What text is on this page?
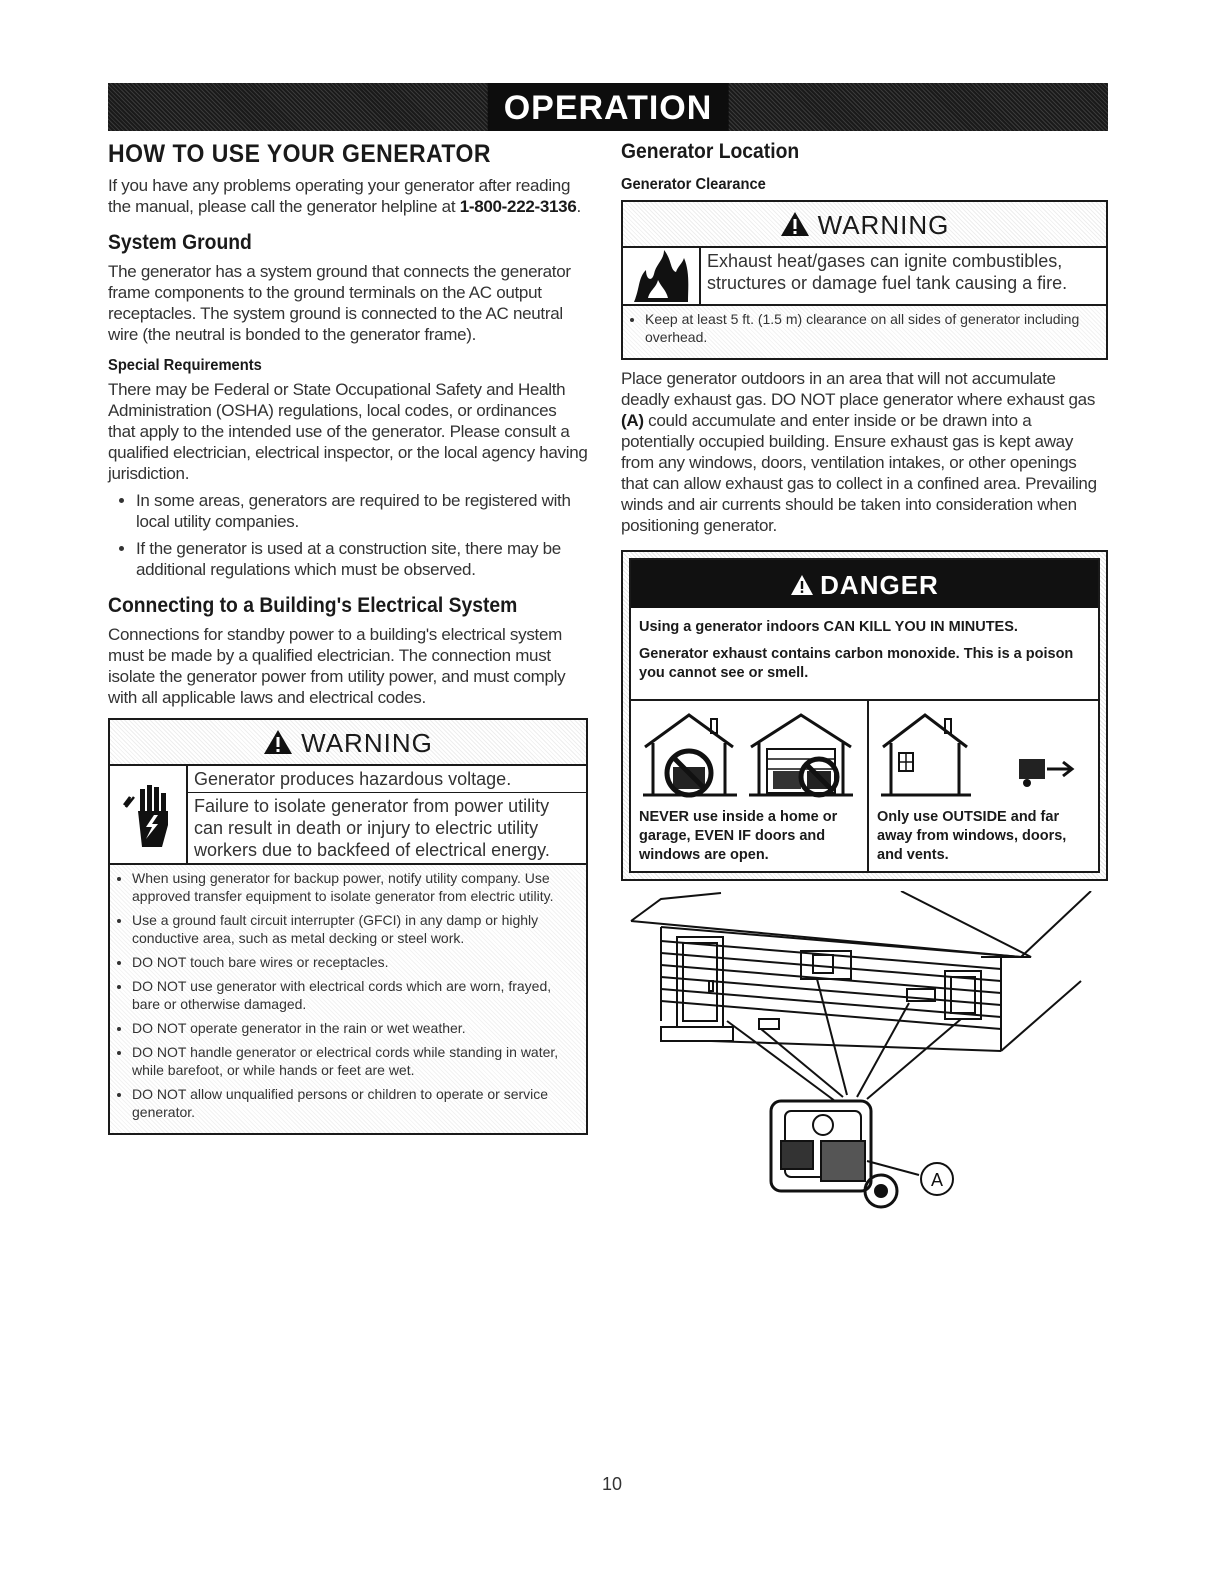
OPERATION
HOW TO USE YOUR GENERATOR

If you have any problems operating your generator after reading the manual, please call the generator helpline at 1-800-222-3136.

System Ground

The generator has a system ground that connects the generator frame components to the ground terminals on the AC output receptacles. The system ground is connected to the AC neutral wire (the neutral is bonded to the generator frame).

Special Requirements

There may be Federal or State Occupational Safety and Health Administration (OSHA) regulations, local codes, or ordinances that apply to the intended use of the generator. Please consult a qualified electrician, electrical inspector, or the local agency having jurisdiction.

• In some areas, generators are required to be registered with local utility companies.
• If the generator is used at a construction site, there may be additional regulations which must be observed.
Connecting to a Building's Electrical System

Connections for standby power to a building's electrical system must be made by a qualified electrician. The connection must isolate the generator power from utility power, and must comply with all applicable laws and electrical codes.

WARNING
Generator produces hazardous voltage.
Failure to isolate generator from power utility can result in death or injury to electric utility workers due to backfeed of electrical energy.
• When using generator for backup power, notify utility company. Use approved transfer equipment to isolate generator from electric utility.
• Use a ground fault circuit interrupter (GFCI) in any damp or highly conductive area, such as metal decking or steel work.
• DO NOT touch bare wires or receptacles.
• DO NOT use generator with electrical cords which are worn, frayed, bare or otherwise damaged.
• DO NOT operate generator in the rain or wet weather.
• DO NOT handle generator or electrical cords while standing in water, while barefoot, or while hands or feet are wet.
• DO NOT allow unqualified persons or children to operate or service generator.
Generator Location
Generator Clearance
WARNING
Exhaust heat/gases can ignite combustibles, structures or damage fuel tank causing a fire.
• Keep at least 5 ft. (1.5 m) clearance on all sides of generator including overhead.

Place generator outdoors in an area that will not accumulate deadly exhaust gas. DO NOT place generator where exhaust gas (A) could accumulate and enter inside or be drawn into a potentially occupied building. Ensure exhaust gas is kept away from any windows, doors, ventilation intakes, or other openings that can allow exhaust gas to collect in a confined area. Prevailing winds and air currents should be taken into consideration when positioning generator.

DANGER

Using a generator indoors CAN KILL YOU IN MINUTES.

Generator exhaust contains carbon monoxide. This is a poison you cannot see or smell.

NEVER use inside a home or garage, EVEN IF doors and windows are open.

Only use OUTSIDE and far away from windows, doors, and vents.

A
10
